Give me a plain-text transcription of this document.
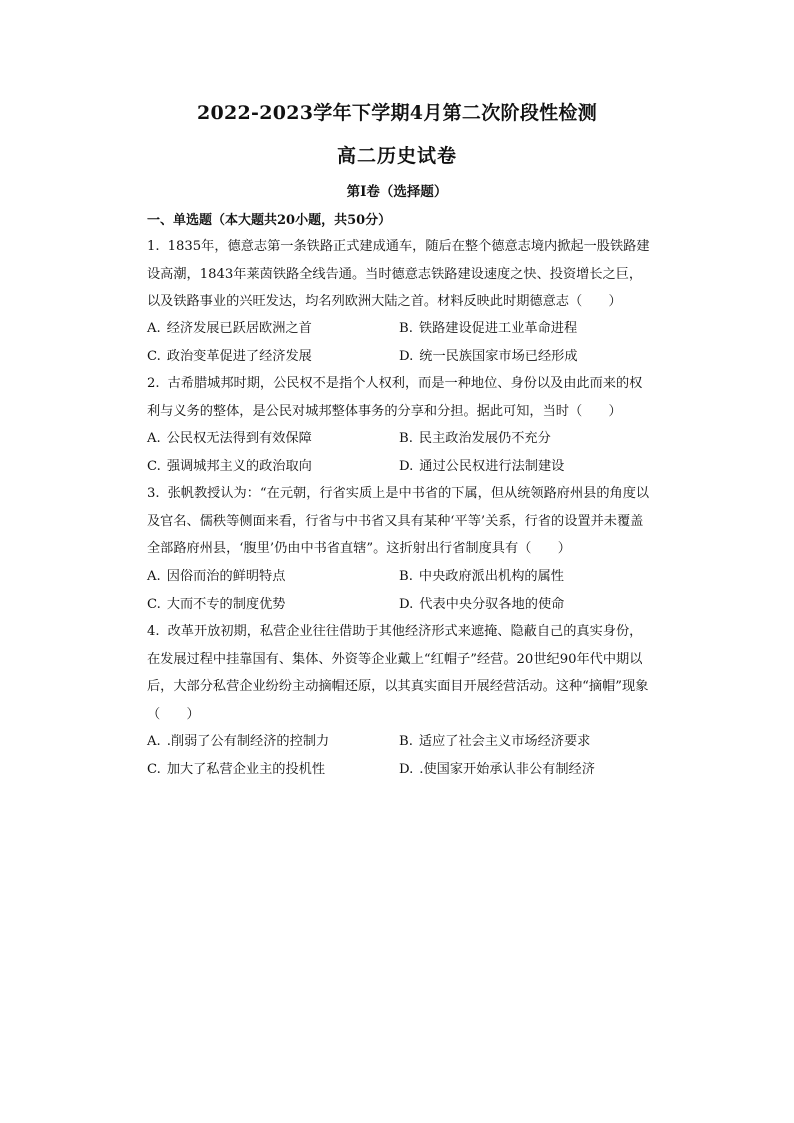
2022-2023学年下学期4月第二次阶段性检测
高二历史试卷
第Ⅰ卷（选择题）
一、单选题（本大题共20小题，共50分）
1. 1835年，德意志第一条铁路正式建成通车，随后在整个德意志境内掀起一股铁路建设高潮，1843年莱茵铁路全线告通。当时德意志铁路建设速度之快、投资增长之巨，以及铁路事业的兴旺发达，均名列欧洲大陆之首。材料反映此时期德意志（　　）
A. 经济发展已跃居欧洲之首	B. 铁路建设促进工业革命进程
C. 政治变革促进了经济发展	D. 统一民族国家市场已经形成
2. 古希腊城邦时期，公民权不是指个人权利，而是一种地位、身份以及由此而来的权利与义务的整体，是公民对城邦整体事务的分享和分担。据此可知，当时（　　）
A. 公民权无法得到有效保障	B. 民主政治发展仍不充分
C. 强调城邦主义的政治取向	D. 通过公民权进行法制建设
3. 张帆教授认为：“在元朝，行省实质上是中书省的下属，但从统领路府州县的角度以及官名、儒秩等侧面来看，行省与中书省又具有某种‘平等’关系，行省的设置并未覆盖全部路府州县，‘腹里’仍由中书省直辖”。这折射出行省制度具有（　　）
A. 因俗而治的鲜明特点	B. 中央政府派出机构的属性
C. 大而不专的制度优势	D. 代表中央分驭各地的使命
4. 改革开放初期，私营企业往往借助于其他经济形式来遮掩、隐蔽自己的真实身份，在发展过程中挂靠国有、集体、外资等企业戴上“红帽子”经营。20世纪90年代中期以后，大部分私营企业纷纷主动摘帽还原，以其真实面目开展经营活动。这种“摘帽”现象（　　）
A. .削弱了公有制经济的控制力	B. 适应了社会主义市场经济要求
C. 加大了私营企业主的投机性	D. .使国家开始承认非公有制经济
